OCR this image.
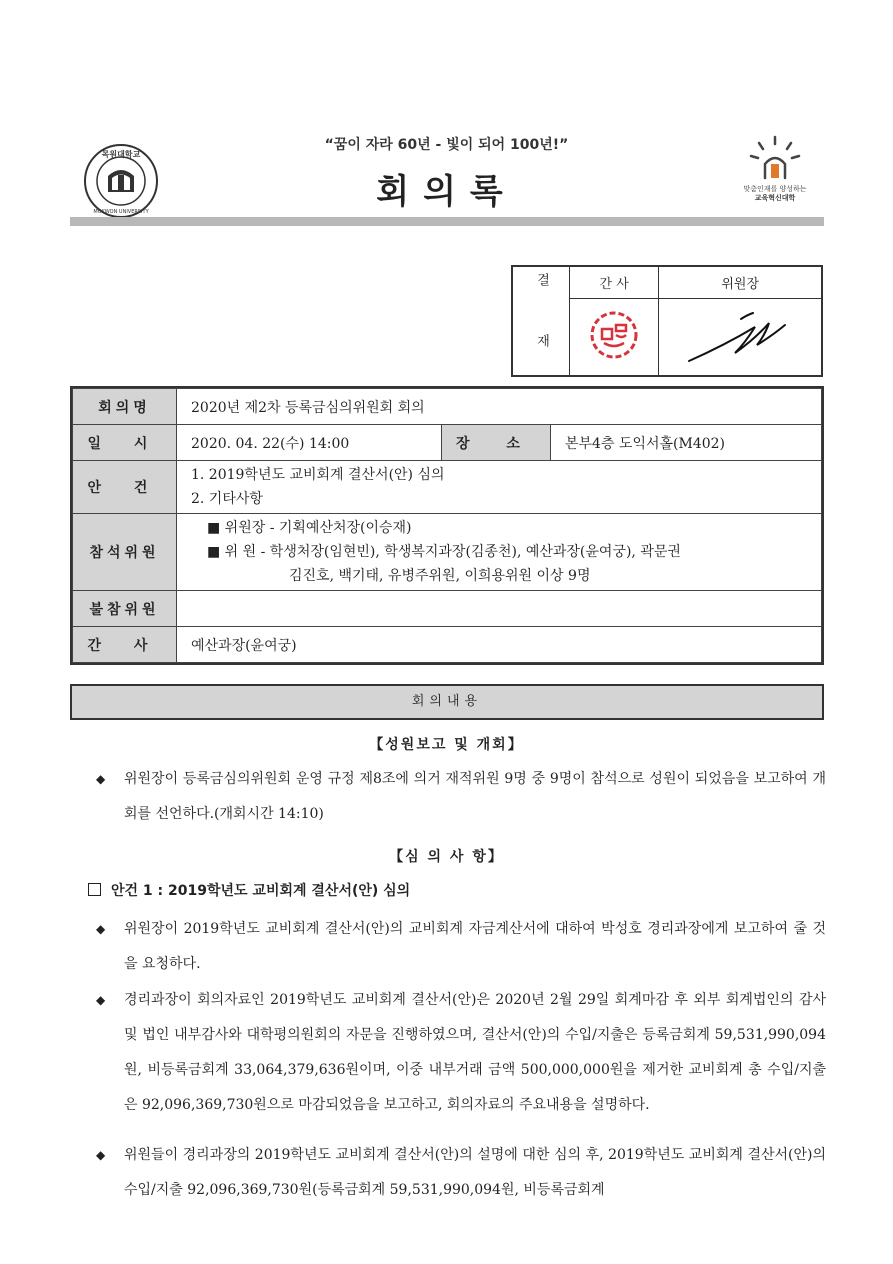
목원대학교
MOKWON UNIVERSITY
“꿈이 자라 60년 - 빛이 되어 100년!”
회의록	맞춤인재를 양성하는
교육혁신대학
결 재	간 사	위원장

회의명	2020년 제2차 등록금심의위원회 회의		
일 시	2020. 04. 22(수) 14:00	장 소	본부4층 도익서홀(M402)
안 건	1. 2019학년도 교비회계 결산서(안) 심의
2. 기타사항		

참석위원	■ 위원장 - 기획예산처장(이승재)
■ 위 원 - 학생처장(임현빈), 학생복지과장(김종천), 예산과장(윤여궁), 곽문권
김진호, 백기태, 유병주위원, 이희용위원 이상 9명		

불참위원			
간 사	예산과장(윤여궁)		
회의내용
【성원보고 및 개회】
◆ 위원장이 등록금심의위원회 운영 규정 제8조에 의거 재적위원 9명 중 9명이 참석으로 성원이 되었음을 보고하여 개회를 선언하다.(개회시간 14:10)
【심 의 사 항】
안건 1 : 2019학년도 교비회계 결산서(안) 심의
◆ 위원장이 2019학년도 교비회계 결산서(안)의 교비회계 자금계산서에 대하여 박성호 경리과장에게 보고하여 줄 것을 요청하다.
◆ 경리과장이 회의자료인 2019학년도 교비회계 결산서(안)은 2020년 2월 29일 회계마감 후 외부 회계법인의 감사 및 법인 내부감사와 대학평의원회의 자문을 진행하였으며, 결산서(안)의 수입/지출은 등록금회계 59,531,990,094원, 비등록금회계 33,064,379,636원이며, 이중 내부거래 금액 500,000,000원을 제거한 교비회계 총 수입/지출은 92,096,369,730원으로 마감되었음을 보고하고, 회의자료의 주요내용을 설명하다.
◆ 위원들이 경리과장의 2019학년도 교비회계 결산서(안)의 설명에 대한 심의 후, 2019학년도 교비회계 결산서(안)의 수입/지출 92,096,369,730원(등록금회계 59,531,990,094원, 비등록금회계
